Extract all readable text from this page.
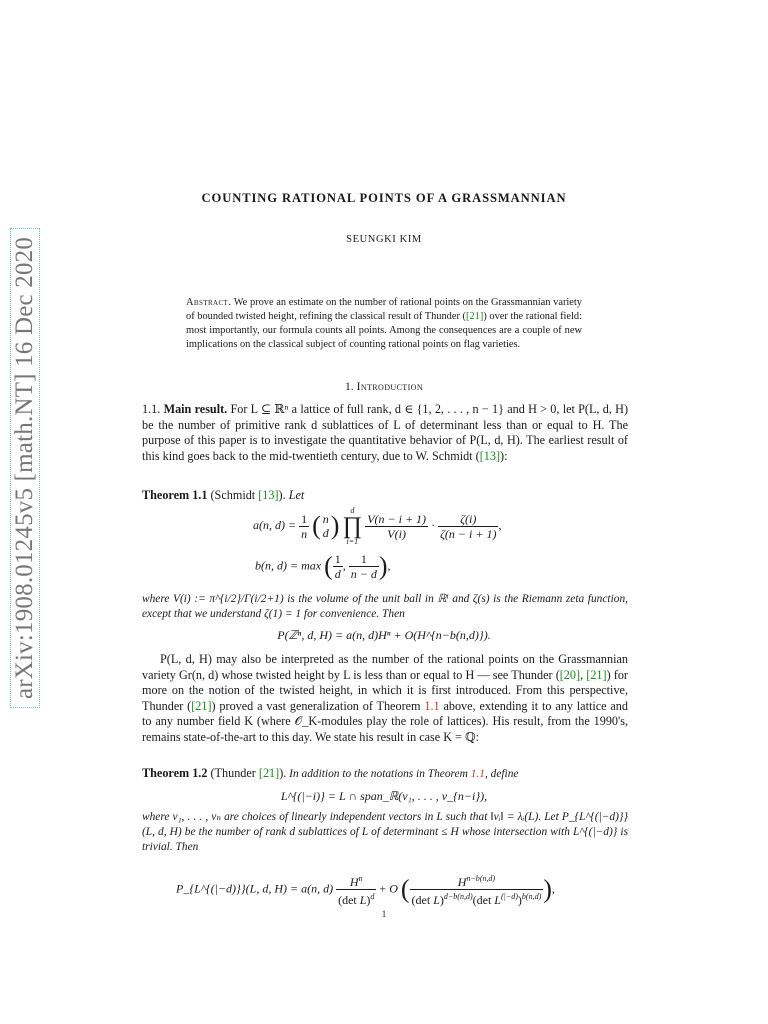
arXiv:1908.01245v5 [math.NT] 16 Dec 2020
COUNTING RATIONAL POINTS OF A GRASSMANNIAN
SEUNGKI KIM
Abstract. We prove an estimate on the number of rational points on the Grassmannian variety of bounded twisted height, refining the classical result of Thunder ([21]) over the rational field: most importantly, our formula counts all points. Among the consequences are a couple of new implications on the classical subject of counting rational points on flag varieties.
1. Introduction
1.1. Main result. For L ⊆ ℝⁿ a lattice of full rank, d ∈ {1, 2, . . . , n − 1} and H > 0, let P(L, d, H) be the number of primitive rank d sublattices of L of determinant less than or equal to H. The purpose of this paper is to investigate the quantitative behavior of P(L, d, H). The earliest result of this kind goes back to the mid-twentieth century, due to W. Schmidt ([13]):
Theorem 1.1 (Schmidt [13]). Let
a(n, $d) = \frac{1}{n}$ ( n
d )
d
∏
i=1

$\frac{V(n - i + 1)}{V(i)} \cdot \frac{\zeta(i)}{\zeta(n - i + 1)}$ ,
b(n, d) = max ( $\frac{1}{d}$ , $\frac{1}{n - d}$ ),
where V(i) := π^{i/2}/Γ(i/2+1) is the volume of the unit ball in ℝⁱ and ζ(s) is the Riemann zeta function, except that we understand ζ(1) = 1 for convenience. Then
P(ℤⁿ, d, H) = a(n, d)Hⁿ + O(H^{n−b(n,d)}).
P(L, d, H) may also be interpreted as the number of the rational points on the Grassmannian variety Gr(n, d) whose twisted height by L is less than or equal to H — see Thunder ([20], [21]) for more on the notion of the twisted height, in which it is first introduced. From this perspective, Thunder ([21]) proved a vast generalization of Theorem 1.1 above, extending it to any lattice and to any number field K (where 𝒪_K-modules play the role of lattices). His result, from the 1990's, remains state-of-the-art to this day. We state his result in case K = ℚ:
Theorem 1.2 (Thunder [21]). In addition to the notations in Theorem 1.1, define
L^{(|−i)} = L ∩ span_ℝ(v₁, . . . , v_{n−i}),
where v₁, . . . , vₙ are choices of linearly independent vectors in L such that ‖vᵢ‖ = λᵢ(L). Let P_{L^{(|−d)}}(L, d, H) be the number of rank d sublattices of L of determinant ≤ H whose intersection with L^{(|−d)} is trivial. Then
P_{L^{(|−d)}}(L, d, H) = a(n, $d) \frac{H^n}{(\det L)^d} + O$ ( $\frac{H^{n-b(n,d)}}{(\det L)^{d-b(n,d)}(\det L^{(|-d)})^{b(n,d)}}$ ),
1
